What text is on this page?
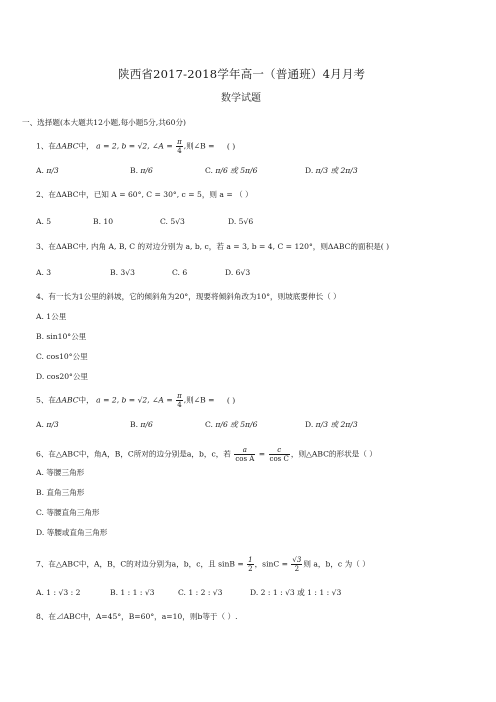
陕西省2017-2018学年高一（普通班）4月月考
数学试题
一、选择题(本大题共12小题,每小题5分,共60分)
1、在ΔABC中， a = 2, b = √2, ∠A = $\frac{\pi}{4}$ ,则∠B = ( )
A. π/3	B. π/6	C. π/6 或 5π/6	D. π/3 或 2π/3
2、在ΔABC中，已知 A = 60°, C = 30°, c = 5，则 a = （ ）
A. 5	B. 10	C. 5√3	D. 5√6
3、在ΔABC中, 内角 A, B, C 的对边分别为 a, b, c，若 a = 3, b = 4, C = 120°，则ΔABC的面积是( )
A. 3	B. 3√3	C. 6	D. 6√3
4、有一长为1公里的斜坡，它的倾斜角为20°，现要将倾斜角改为10°，则坡底要伸长（ ）
A. 1公里
B. sin10°公里
C. cos10°公里
D. cos20°公里
5、在ΔABC中， a = 2, b = √2, ∠A = $\frac{\pi}{4}$ ,则∠B = ( )
A. π/3	B. π/6	C. π/6 或 5π/6	D. π/3 或 2π/3
6、在△ABC中，角A，B，C所对的边分别是a，b，c，若 $\frac{a}{\text{cos A}} = \frac{c}{\text{cos C}}$ ，则△ABC的形状是（ ）
A. 等腰三角形
B. 直角三角形
C. 等腰直角三角形
D. 等腰或直角三角形
7、在△ABC中，A，B，C的对边分别为a，b，c，且 $\sin B = \frac{1}{2}$ ，$\sin C = \frac{√3}{2}$ 则 a，b，c 为（ ）
A. 1 : √3 : 2	B. 1 : 1 : √3	C. 1 : 2 : √3	D. 2 : 1 : √3 或 1 : 1 : √3
8、在⊿ABC中，A=45°，B=60°，a=10，则b等于（ ）.
